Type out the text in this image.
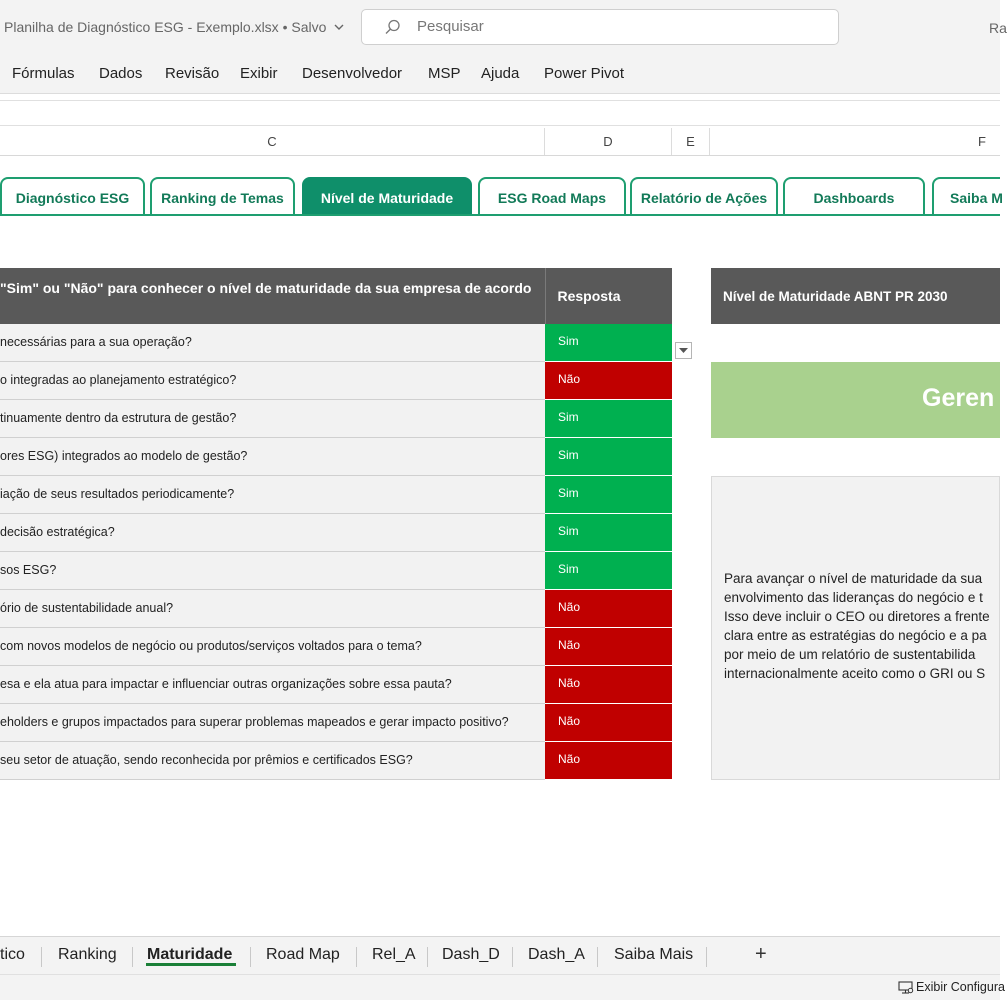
Planilha de Diagnóstico ESG - Exemplo.xlsx • Salvo	Pesquisar	Ra
Fórmulas Dados Revisão Exibir Desenvolvedor MSP Ajuda Power Pivot
C	D	E	F
Diagnóstico ESG	Ranking de Temas	Nível de Maturidade	ESG Road Maps	Relatório de Ações	Dashboards	Saiba M
"Sim" ou "Não" para conhecer o nível de maturidade da sua empresa de acordo	Resposta
necessárias para a sua operação?	Sim
o integradas ao planejamento estratégico?	Não
tinuamente dentro da estrutura de gestão?	Sim
ores ESG) integrados ao modelo de gestão?	Sim
iação de seus resultados periodicamente?	Sim
decisão estratégica?	Sim
sos ESG?	Sim
ório de sustentabilidade anual?	Não
com novos modelos de negócio ou produtos/serviços voltados para o tema?	Não
esa e ela atua para impactar e influenciar outras organizações sobre essa pauta?	Não
eholders e grupos impactados para superar problemas mapeados e gerar impacto positivo?	Não
seu setor de atuação, sendo reconhecida por prêmios e certificados ESG?	Não
Nível de Maturidade ABNT PR 2030
Geren
Para avançar o nível de maturidade da sua
envolvimento das lideranças do negócio e t
Isso deve incluir o CEO ou diretores a frente
clara entre as estratégias do negócio e a pa
por meio de um relatório de sustentabilida
internacionalmente aceito como o GRI ou S
tico Ranking Maturidade Road Map Rel_A Dash_D Dash_A Saiba Mais	+
Exibir Configura
